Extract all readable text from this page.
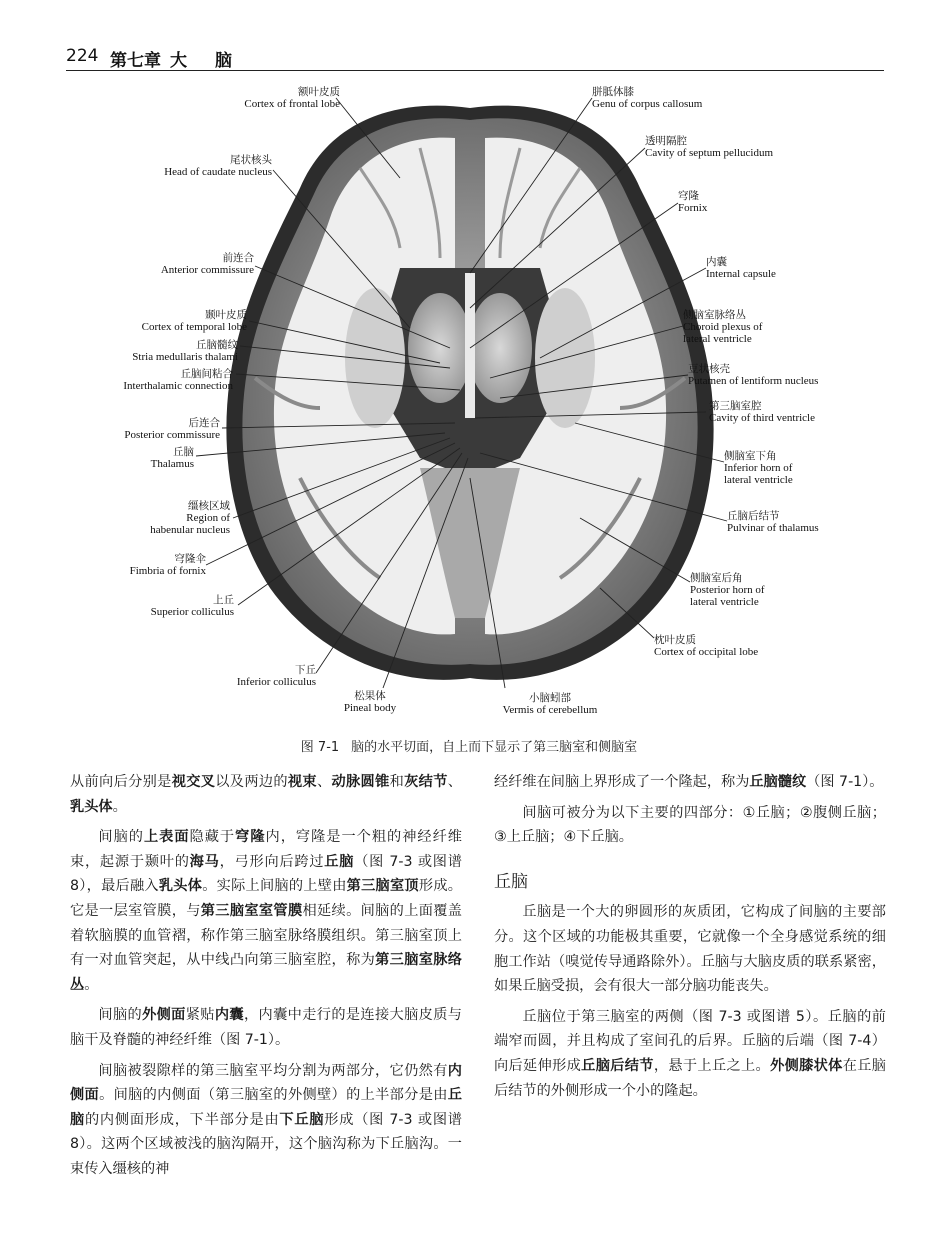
224 第七章 大脑
额叶皮质
Cortex of frontal lobe
尾状核头
Head of caudate nucleus
前连合
Anterior commissure
颞叶皮质
Cortex of temporal lobe
丘脑髓纹
Stria medullaris thalami
丘脑间粘合
Interthalamic connection
后连合
Posterior commissure
丘脑
Thalamus
缰核区域
Region of
habenular nucleus
穹隆伞
Fimbria of fornix
上丘
Superior colliculus
下丘
Inferior colliculus
松果体
Pineal body
胼胝体膝
Genu of corpus callosum
透明隔腔
Cavity of septum pellucidum
穹隆
Fornix
内囊
Internal capsule
侧脑室脉络丛
Choroid plexus of
lateral ventricle
豆状核壳
Putamen of lentiform nucleus
第三脑室腔
Cavity of third ventricle
侧脑室下角
Inferior horn of
lateral ventricle
丘脑后结节
Pulvinar of thalamus
侧脑室后角
Posterior horn of
lateral ventricle
枕叶皮质
Cortex of occipital lobe
小脑蚓部
Vermis of cerebellum
图 7-1 脑的水平切面，自上而下显示了第三脑室和侧脑室

从前向后分别是视交叉以及两边的视束、动脉圆锥和灰结节、乳头体。

间脑的上表面隐藏于穹隆内，穹隆是一个粗的神经纤维束，起源于颞叶的海马，弓形向后跨过丘脑（图 7-3 或图谱 8），最后融入乳头体。实际上间脑的上壁由第三脑室顶形成。它是一层室管膜，与第三脑室室管膜相延续。间脑的上面覆盖着软脑膜的血管褶，称作第三脑室脉络膜组织。第三脑室顶上有一对血管突起，从中线凸向第三脑室腔，称为第三脑室脉络丛。

间脑的外侧面紧贴内囊，内囊中走行的是连接大脑皮质与脑干及脊髓的神经纤维（图 7-1）。

间脑被裂隙样的第三脑室平均分割为两部分，它仍然有内侧面。间脑的内侧面（第三脑室的外侧壁）的上半部分是由丘脑的内侧面形成，下半部分是由下丘脑形成（图 7-3 或图谱 8）。这两个区域被浅的脑沟隔开，这个脑沟称为下丘脑沟。一束传入缰核的神

经纤维在间脑上界形成了一个隆起，称为丘脑髓纹（图 7-1）。

间脑可被分为以下主要的四部分：①丘脑；②腹侧丘脑；③上丘脑；④下丘脑。

丘脑

丘脑是一个大的卵圆形的灰质团，它构成了间脑的主要部分。这个区域的功能极其重要，它就像一个全身感觉系统的细胞工作站（嗅觉传导通路除外）。丘脑与大脑皮质的联系紧密，如果丘脑受损，会有很大一部分脑功能丧失。

丘脑位于第三脑室的两侧（图 7-3 或图谱 5）。丘脑的前端窄而圆，并且构成了室间孔的后界。丘脑的后端（图 7-4）向后延伸形成丘脑后结节，悬于上丘之上。外侧膝状体在丘脑后结节的外侧形成一个小的隆起。
